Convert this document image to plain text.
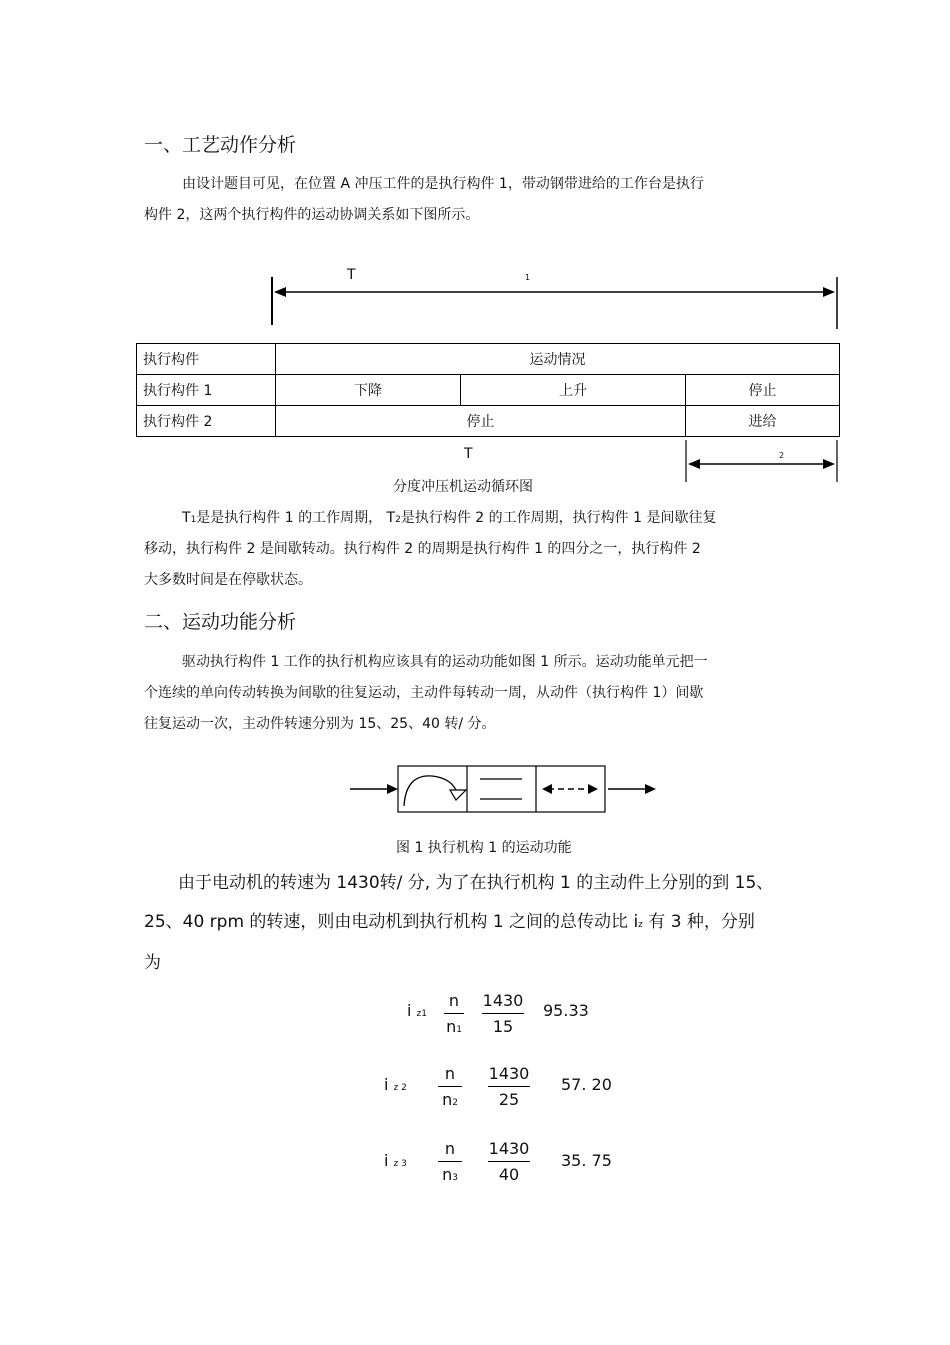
一、工艺动作分析
由设计题目可见，在位置 A 冲压工件的是执行构件 1，带动钢带进给的工作台是执行
构件 2，这两个执行构件的运动协调关系如下图所示。
T	1
执行构件	运动情况		
执行构件 1	下降	上升	停止
执行构件 2	停止		进给
T	2
分度冲压机运动循环图
T1是是执行构件 1 的工作周期， T2是执行构件 2 的工作周期，执行构件 1 是间歇往复
移动，执行构件 2 是间歇转动。执行构件 2 的周期是执行构件 1 的四分之一，执行构件 2
大多数时间是在停歇状态。
二、运动功能分析
驱动执行构件 1 工作的执行机构应该具有的运动功能如图 1 所示。运动功能单元把一
个连续的单向传动转换为间歇的往复运动，主动件每转动一周，从动件（执行构件 1）间歇
往复运动一次，主动件转速分别为 15、25、40 转/ 分。
图 1 执行机构 1 的运动功能
由于电动机的转速为 1430转/ 分, 为了在执行机构 1 的主动件上分别的到 15、
25、40 rpm 的转速，则由电动机到执行机构 1 之间的总传动比 iz 有 3 种，分别
为
i $z1 \frac{n}{n1} \frac{1430}{15} 95.33$
i z $2 \frac{n}{n2} \frac{1430}{25} 57$. 20
i z $3 \frac{n}{n3} \frac{1430}{40} 35$. 75
